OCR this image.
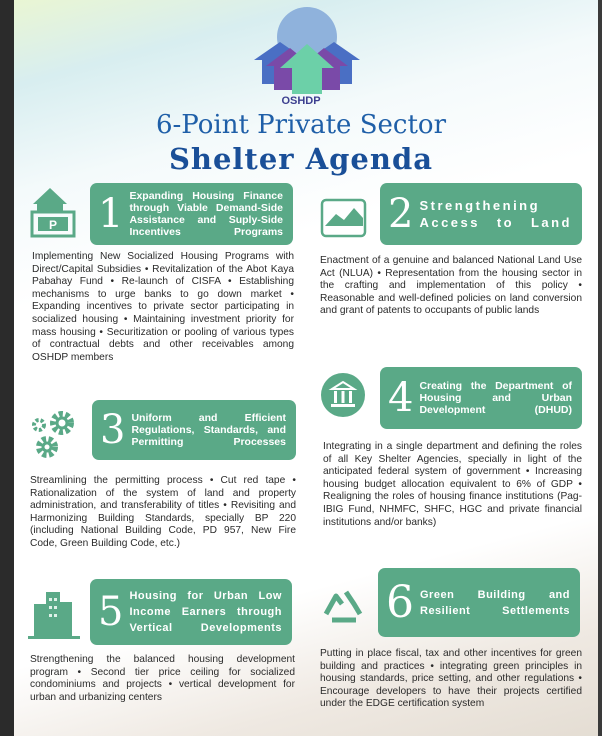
OSHDP
6-Point Private Sector
Shelter Agenda
P 1 Expanding Housing Finance through Viable Demand-Side Assistance and Suply-Side Incentives Programs
Implementing New Socialized Housing Programs with Direct/Capital Subsidies • Revitalization of the Abot Kaya Pabahay Fund • Re-launch of CISFA • Establishing mechanisms to urge banks to go down market • Expanding incentives to private sector participating in socialized housing • Maintaining investment priority for mass housing • Securitization or pooling of various types of contractual debts and other receivables among OSHDP members
2 Strengthening Access to Land
Enactment of a genuine and balanced National Land Use Act (NLUA) • Representation from the housing sector in the crafting and implementation of this policy • Reasonable and well-defined policies on land conversion and grant of patents to occupants of public lands
4 Creating the Department of Housing and Urban Development (DHUD)
Integrating in a single department and defining the roles of all Key Shelter Agencies, specially in light of the anticipated federal system of government • Increasing housing budget allocation equivalent to 6% of GDP • Realigning the roles of housing finance institutions (Pag-IBIG Fund, NHMFC, SHFC, HGC and private financial institutions and/or banks)
3 Uniform and Efficient Regulations, Standards, and Permitting Processes
Streamlining the permitting process • Cut red tape • Rationalization of the system of land and property administration, and transferability of titles • Revisiting and Harmonizing Building Standards, specially BP 220 (including National Building Code, PD 957, New Fire Code, Green Building Code, etc.)
5 Housing for Urban Low Income Earners through Vertical Developments
Strengthening the balanced housing development program • Second tier price ceiling for socialized condominiums and projects • vertical development for urban and urbanizing centers
6 Green Building and Resilient Settlements
Putting in place fiscal, tax and other incentives for green building and practices • integrating green principles in housing standards, price setting, and other regulations • Encourage developers to have their projects certified under the EDGE certification system
